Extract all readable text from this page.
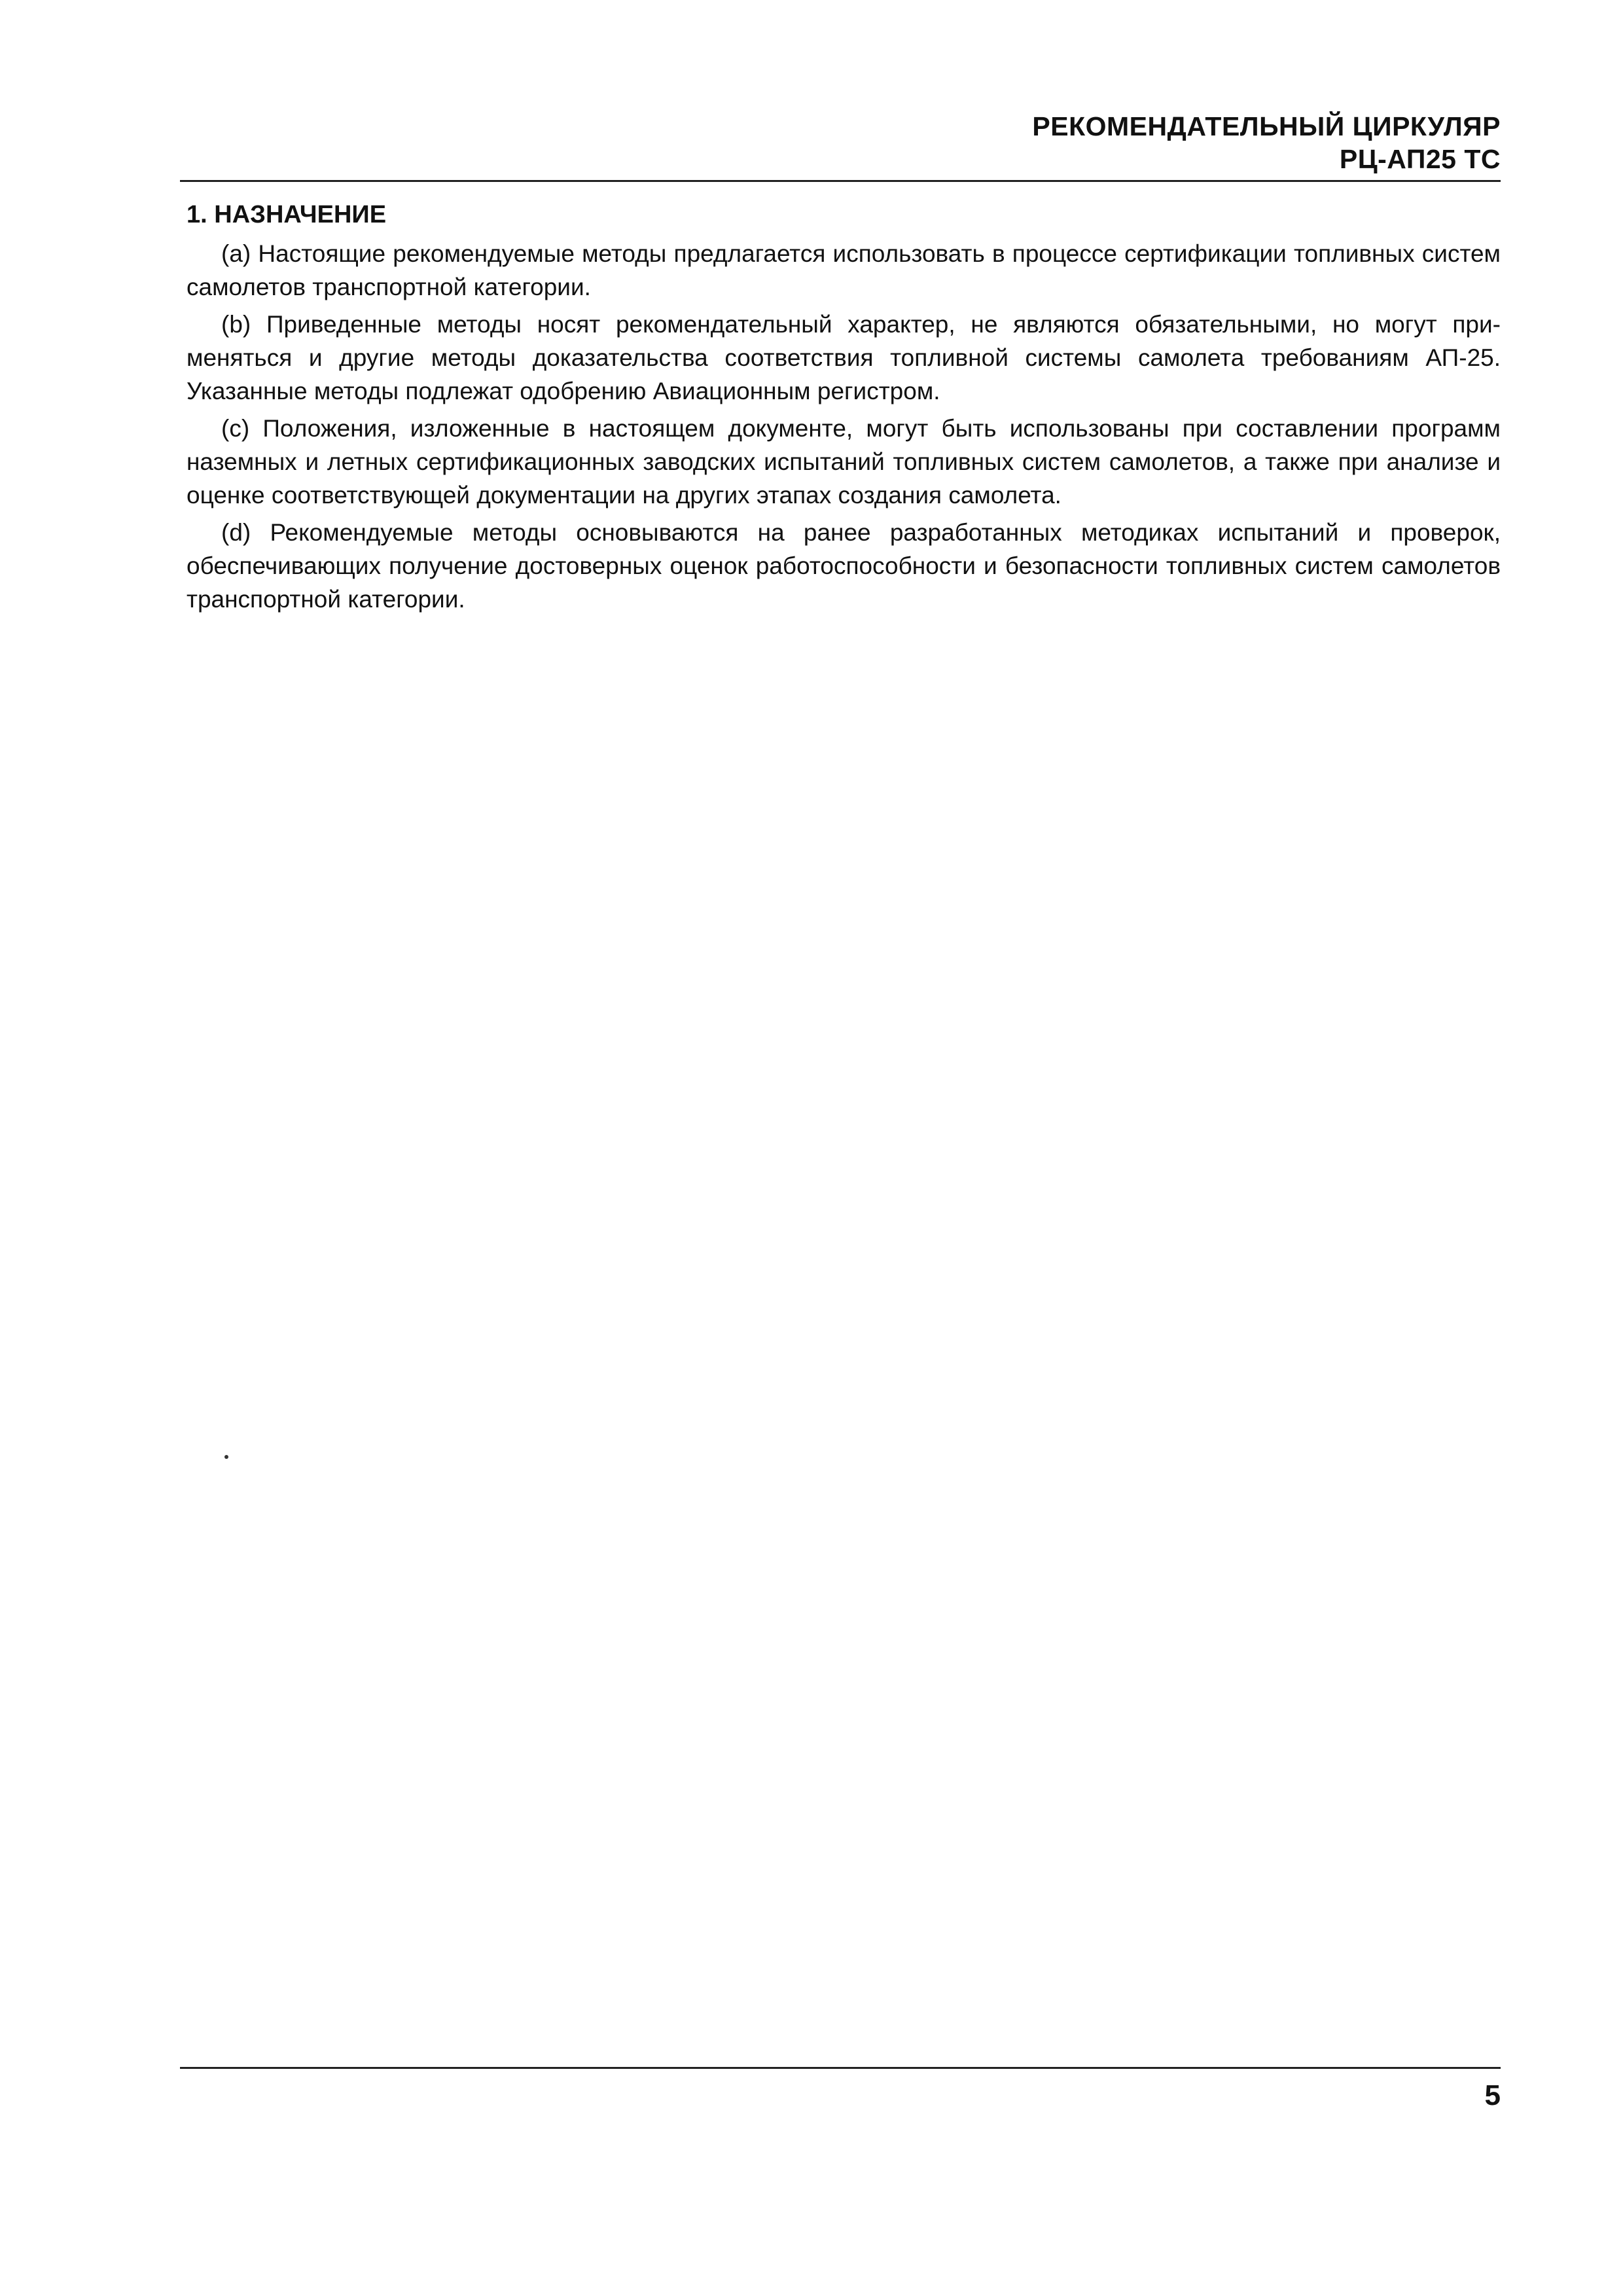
РЕКОМЕНДАТЕЛЬНЫЙ ЦИРКУЛЯР
РЦ-АП25 ТС
1. НАЗНАЧЕНИЕ

(a) Настоящие рекомендуемые методы предлагается использовать в процессе сертификации топливных систем самолетов транспортной категории.

(b) Приведенные методы носят рекомендательный характер, не являются обязательными, но могут применяться и другие методы доказательства соответствия топливной системы самолета требованиям АП-25. Указанные методы подлежат одобрению Авиационным регистром.

(c) Положения, изложенные в настоящем документе, могут быть использованы при составлении программ наземных и летных сертификационных заводских испытаний топливных систем самолетов, а также при анализе и оценке соответствующей документации на других этапах создания самолета.

(d) Рекомендуемые методы основываются на ранее разработанных методиках испытаний и проверок, обеспечивающих получение достоверных оценок работоспособности и безопасности топливных систем самолетов транспортной категории.

5
